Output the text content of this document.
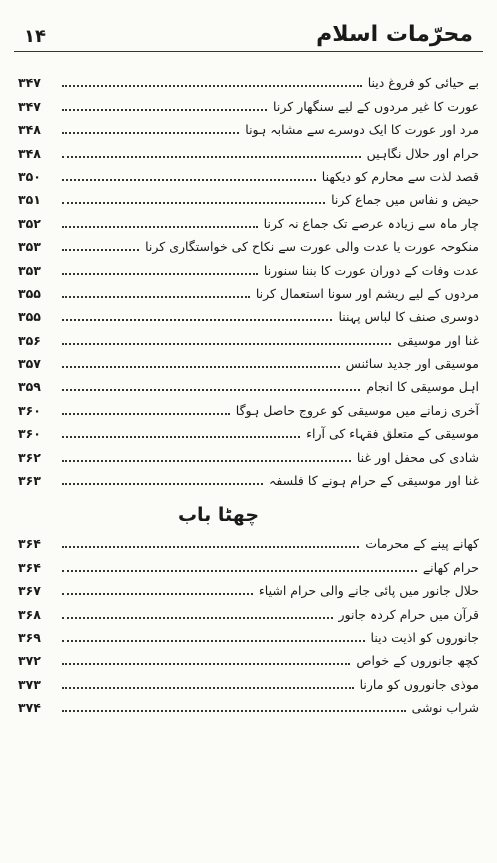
محرّمات اسلام
۱۴
بے حیائی کو فروغ دینا
۳۴۷
عورت کا غیر مردوں کے لیے سنگھار کرنا
۳۴۷
مرد اور عورت کا ایک دوسرے سے مشابہ ہونا
۳۴۸
حرام اور حلال نگاہیں
۳۴۸
قصد لذت سے محارم کو دیکھنا
۳۵۰
حیض و نفاس میں جماع کرنا
۳۵۱
چار ماہ سے زیادہ عرصے تک جماع نہ کرنا
۳۵۲
منکوحہ عورت یا عدت والی عورت سے نکاح کی خواستگاری کرنا
۳۵۳
عدت وفات کے دوران عورت کا بننا سنورنا
۳۵۳
مردوں کے لیے ریشم اور سونا استعمال کرنا
۳۵۵
دوسری صنف کا لباس پہننا
۳۵۵
غنا اور موسیقی
۳۵۶
موسیقی اور جدید سائنس
۳۵۷
اہل موسیقی کا انجام
۳۵۹
آخری زمانے میں موسیقی کو عروج حاصل ہوگا
۳۶۰
موسیقی کے متعلق فقہاء کی آراء
۳۶۰
شادی کی محفل اور غنا
۳۶۲
غنا اور موسیقی کے حرام ہونے کا فلسفہ
۳۶۳
چھٹا باب
کھانے پینے کے محرمات
۳۶۴
حرام کھانے
۳۶۴
حلال جانور میں پائی جانے والی حرام اشیاء
۳۶۷
قرآن میں حرام کردہ جانور
۳۶۸
جانوروں کو اذیت دینا
۳۶۹
کچھ جانوروں کے خواص
۳۷۲
موذی جانوروں کو مارنا
۳۷۳
شراب نوشی
۳۷۴
